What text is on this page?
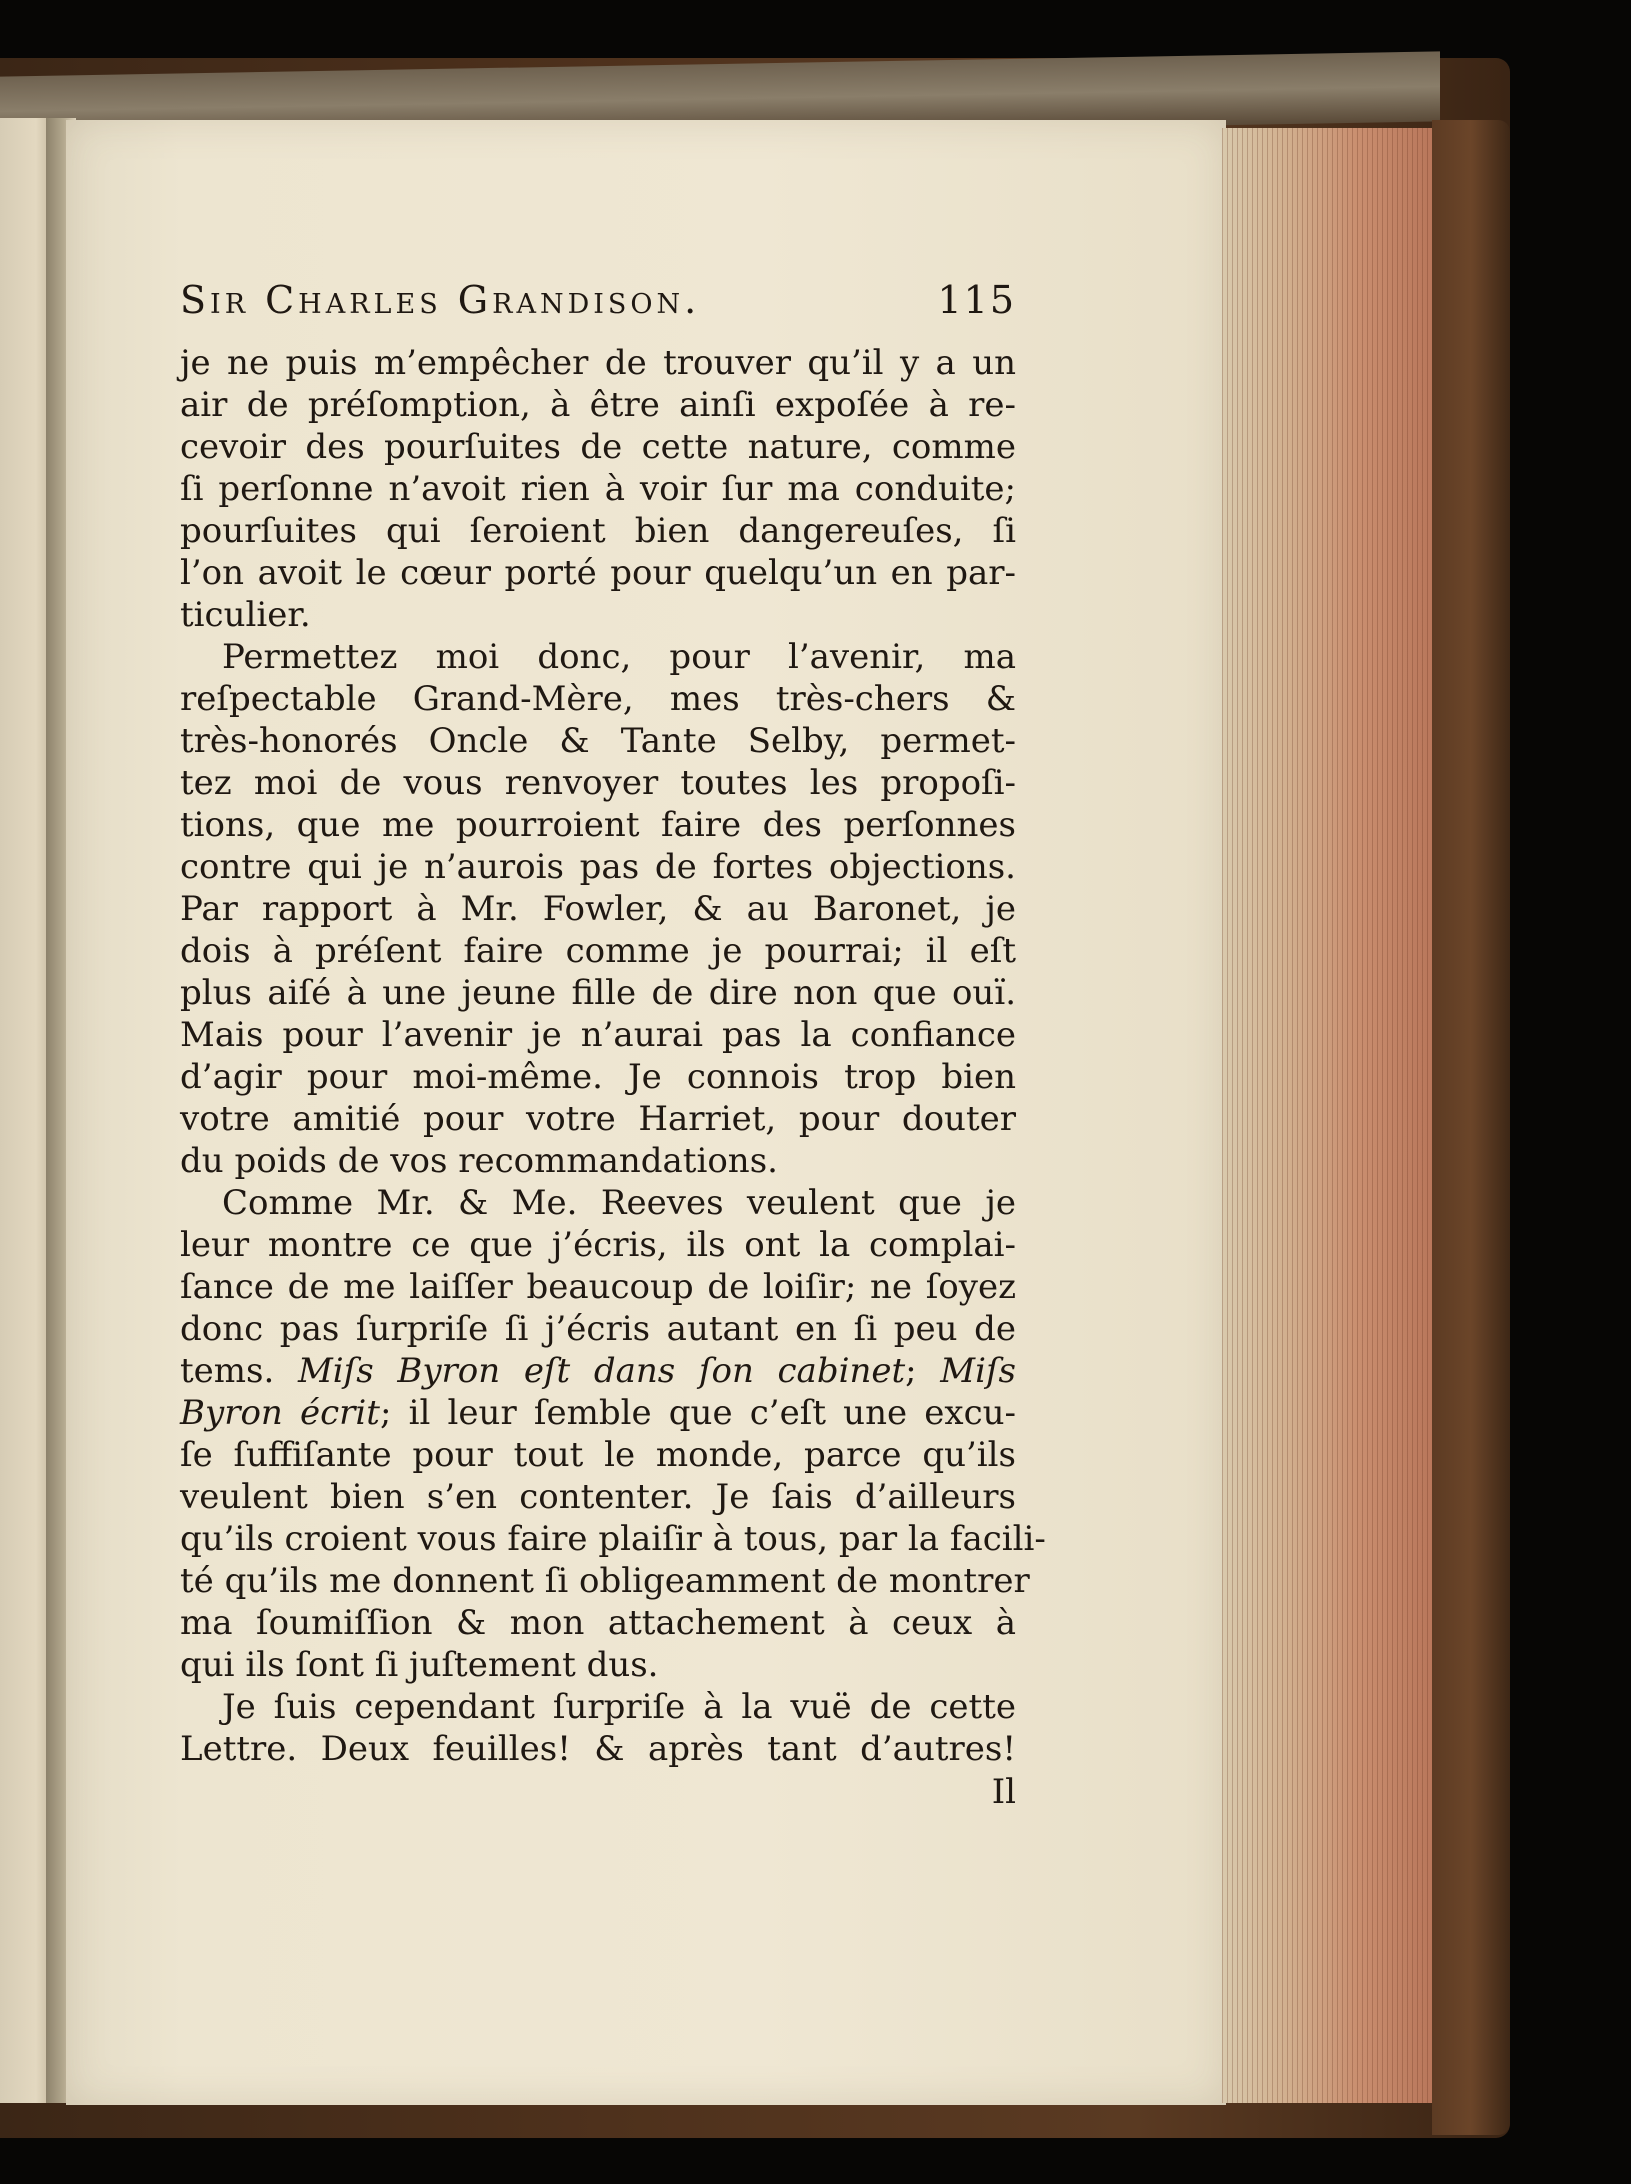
Sir Charles Grandison.	115
je ne puis m’empêcher de trouver qu’il y a un
air de préſomption, à être ainſi expoſée à re-
cevoir des pourſuites de cette nature, comme
ſi perſonne n’avoit rien à voir ſur ma conduite;
pourſuites qui ſeroient bien dangereuſes, ſi
l’on avoit le cœur porté pour quelqu’un en par-
ticulier.
Permettez moi donc, pour l’avenir, ma
reſpectable Grand-Mère, mes très-chers &
très-honorés Oncle & Tante Selby, permet-
tez moi de vous renvoyer toutes les propoſi-
tions, que me pourroient faire des perſonnes
contre qui je n’aurois pas de fortes objections.
Par rapport à Mr. Fowler, & au Baronet, je
dois à préſent faire comme je pourrai; il eſt
plus aiſé à une jeune fille de dire non que ouï.
Mais pour l’avenir je n’aurai pas la confiance
d’agir pour moi-même. Je connois trop bien
votre amitié pour votre Harriet, pour douter
du poids de vos recommandations.
Comme Mr. & Me. Reeves veulent que je
leur montre ce que j’écris, ils ont la complai-
ſance de me laiſſer beaucoup de loiſir; ne ſoyez
donc pas ſurpriſe ſi j’écris autant en ſi peu de
tems. Miſs Byron eſt dans ſon cabinet; Miſs
Byron écrit; il leur ſemble que c’eſt une excu-
ſe ſuffiſante pour tout le monde, parce qu’ils
veulent bien s’en contenter. Je ſais d’ailleurs
qu’ils croient vous faire plaiſir à tous, par la facili-
té qu’ils me donnent ſi obligeamment de montrer
ma ſoumiſſion & mon attachement à ceux à
qui ils ſont ſi juſtement dus.
Je ſuis cependant ſurpriſe à la vuë de cette
Lettre. Deux feuilles! & après tant d’autres!
Il
